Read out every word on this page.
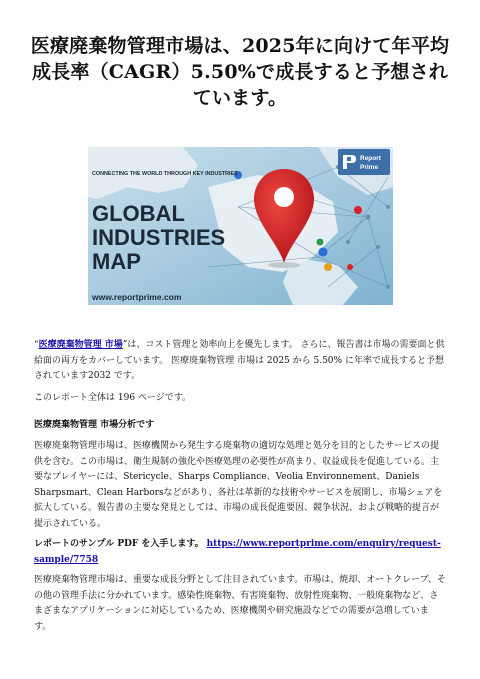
医療廃棄物管理市場は、2025年に向けて年平均成長率（CAGR）5.50%で成長すると予想されています。
CONNECTING THE WORLD THROUGH KEY INDUSTRIES
GLOBAL
INDUSTRIES
MAP
www.reportprime.com
Report
Prime
“医療廃棄物管理 市場”は、コスト管理と効率向上を優先します。 さらに、報告書は市場の需要面と供給面の両方をカバーしています。 医療廃棄物管理 市場は 2025 から 5.50% に年率で成長すると予想されています2032 です。
このレポート全体は 196 ページです。
医療廃棄物管理 市場分析です
医療廃棄物管理市場は、医療機関から発生する廃棄物の適切な処理と処分を目的としたサービスの提供を含む。この市場は、衛生規制の強化や医療処理の必要性が高まり、収益成長を促進している。主要なプレイヤーには、Stericycle、Sharps Compliance、Veolia Environnement、Daniels Sharpsmart、Clean Harborsなどがあり、各社は革新的な技術やサービスを展開し、市場シェアを拡大している。報告書の主要な発見としては、市場の成長促進要因、競争状況、および戦略的提言が提示されている。
レポートのサンプル PDF を入手します。 https://www.reportprime.com/enquiry/request-sample/7758
医療廃棄物管理市場は、重要な成長分野として注目されています。市場は、焼却、オートクレーブ、その他の管理手法に分かれています。感染性廃棄物、有害廃棄物、放射性廃棄物、一般廃棄物など、さまざまなアプリケーションに対応しているため、医療機関や研究施設などでの需要が急増しています。
